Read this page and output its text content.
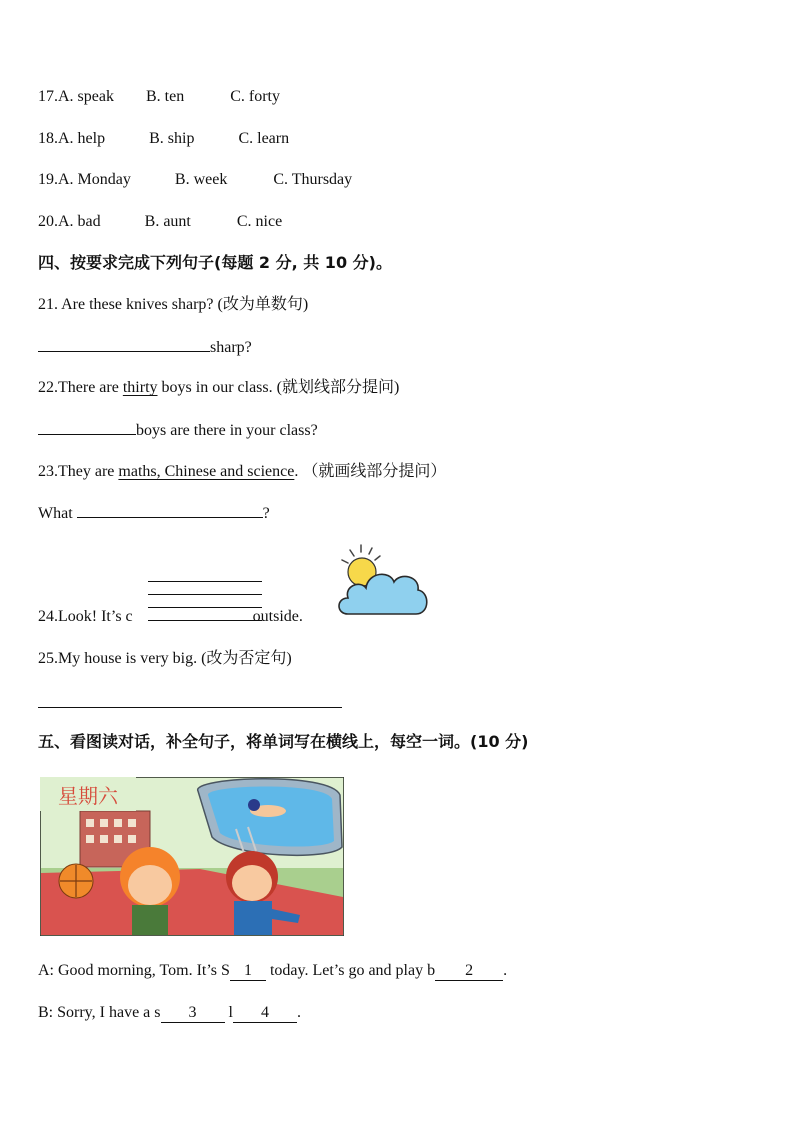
17.A. speak B. ten	C. forty
18.A. help	B. ship	C. learn
19.A. Monday	B. week	C. Thursday
20.A. bad	B. aunt	C. nice
四、按要求完成下列句子(每题 2 分, 共 10 分)。
21. Are these knives sharp? (改为单数句)
sharp?
22.There are thirty boys in our class. (就划线部分提问)
boys are there in your class?
23.They are maths, Chinese and science. （就画线部分提问）
What	?
24.Look! It’s c	outside.
25.My house is very big. (改为否定句)
五、看图读对话，补全句子，将单词写在横线上，每空一词。(10 分)
星期六
A: Good morning, Tom. It’s S 1 today. Let’s go and play b 2 .
B: Sorry, I have a s 3 l 4 .
